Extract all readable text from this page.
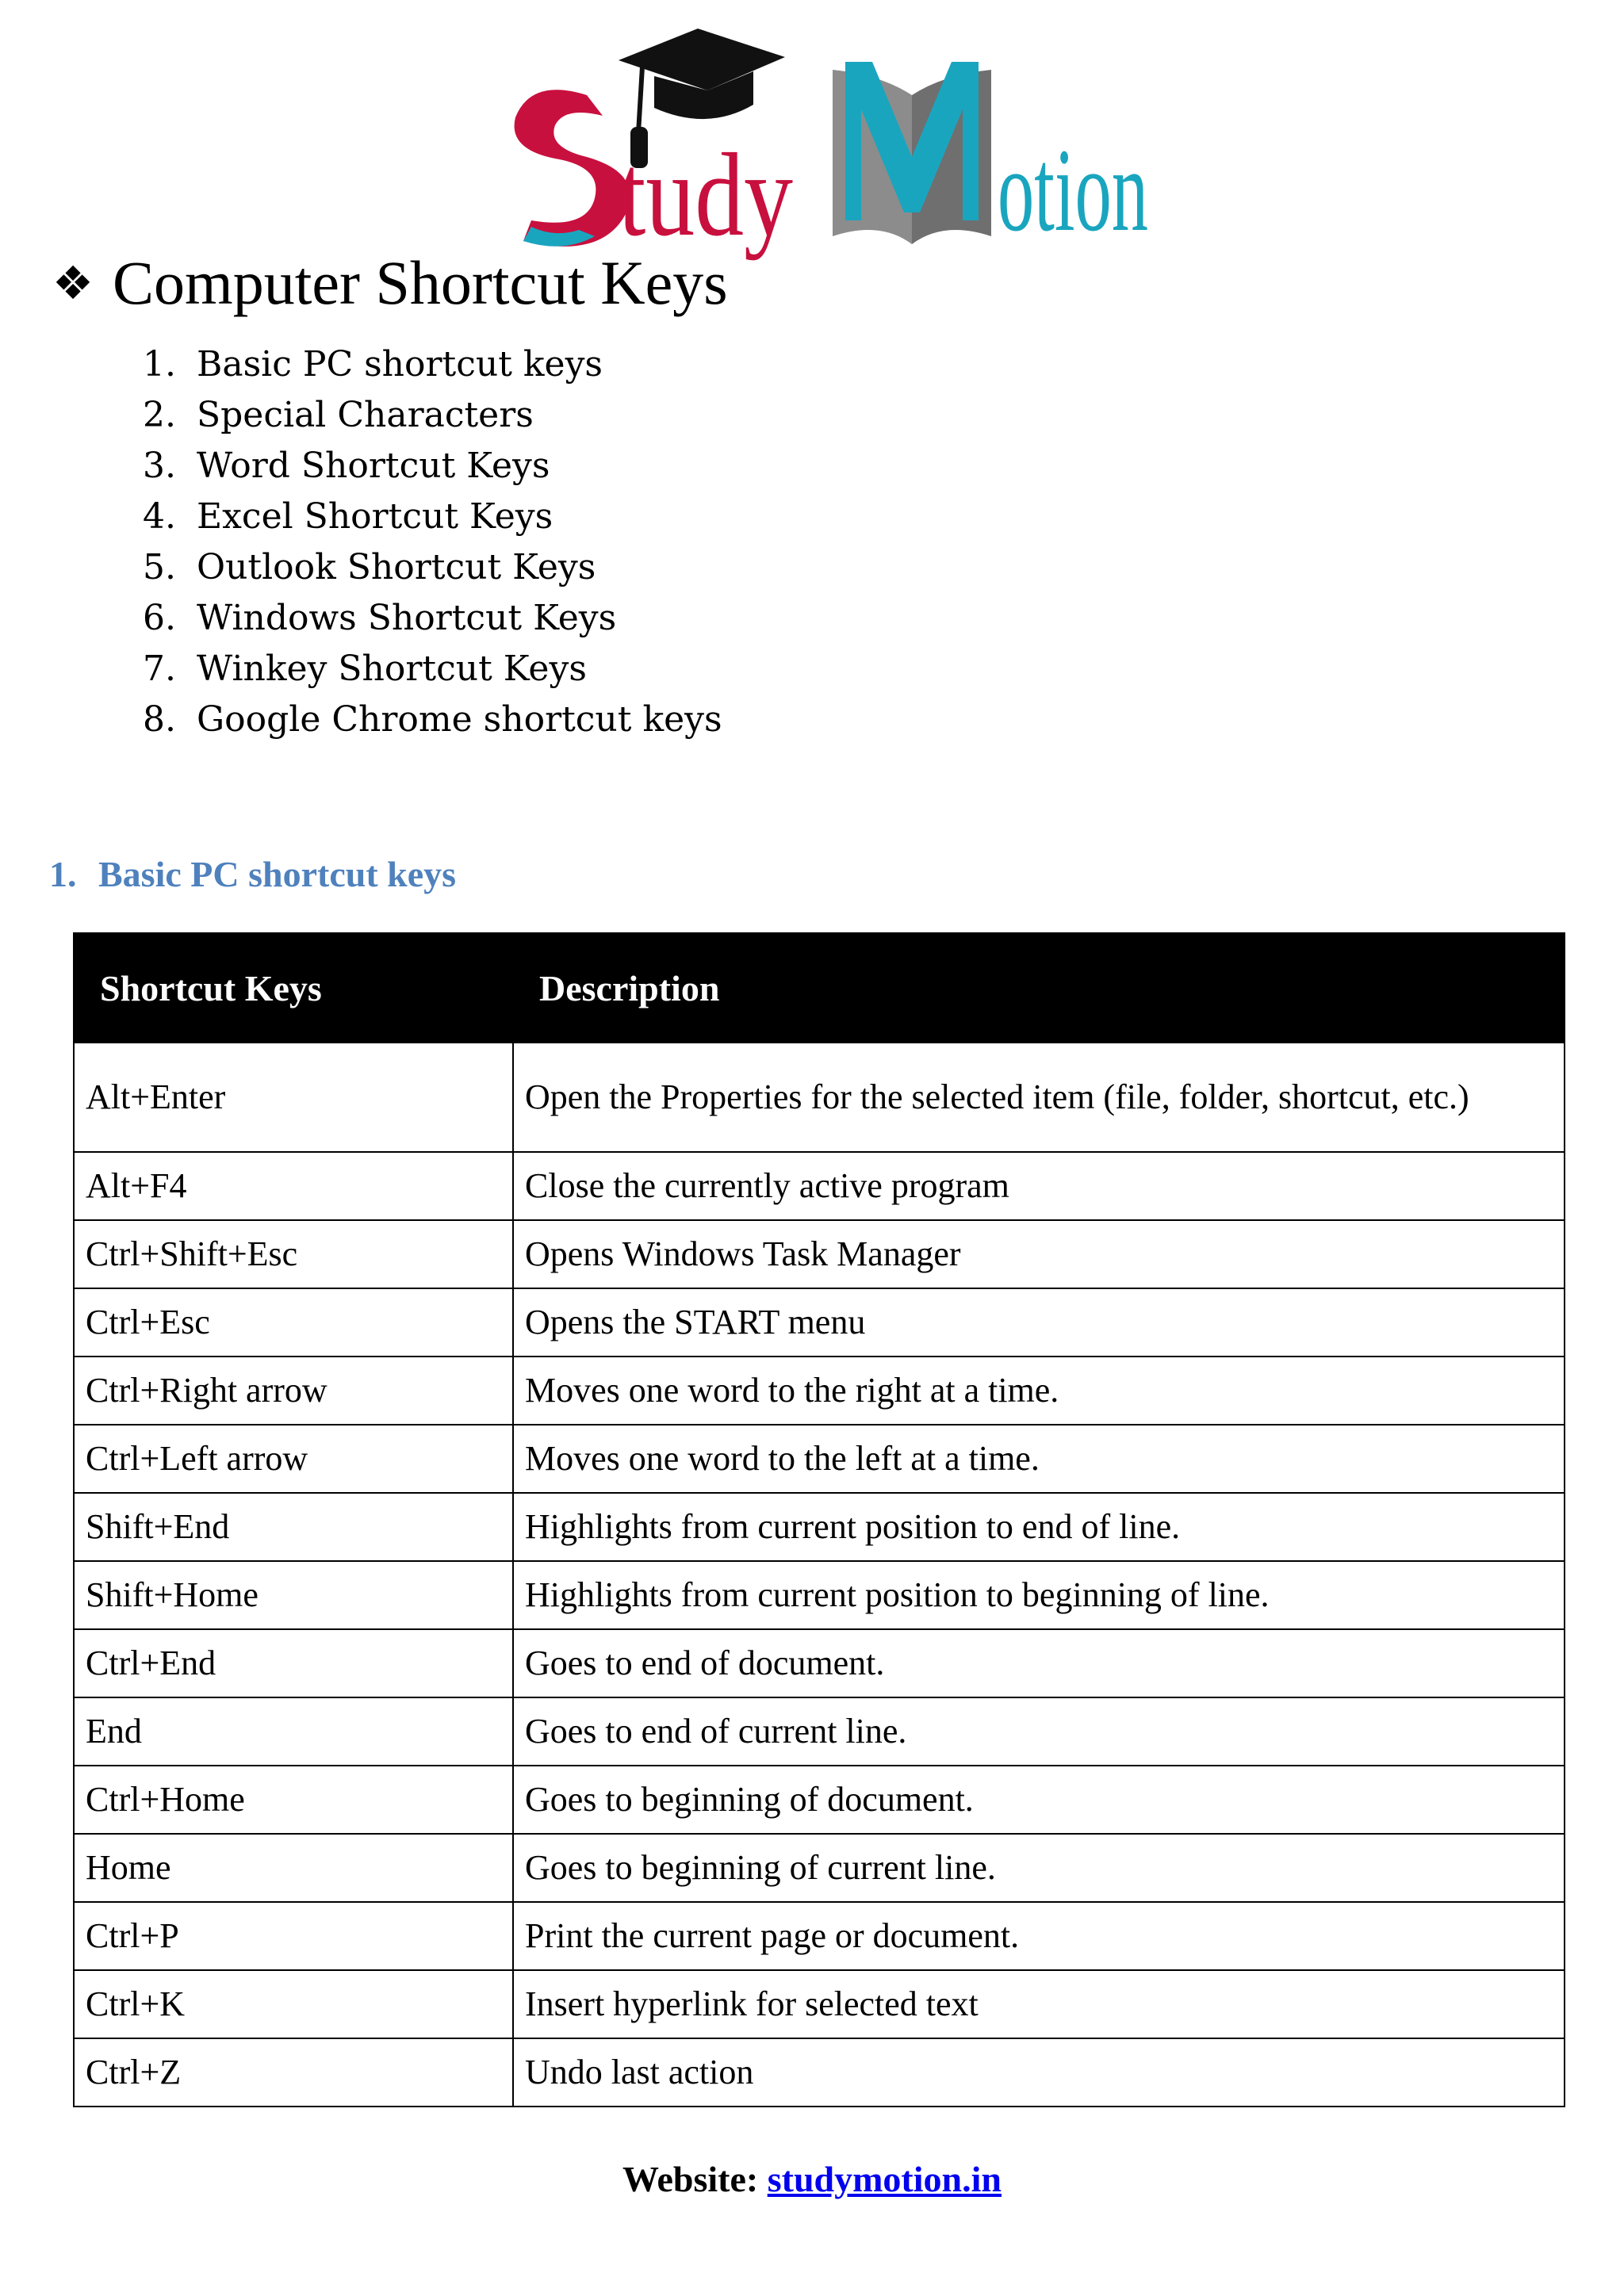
tudy otion
❖ Computer Shortcut Keys
1. Basic PC shortcut keys
2. Special Characters
3. Word Shortcut Keys
4. Excel Shortcut Keys
5. Outlook Shortcut Keys
6. Windows Shortcut Keys
7. Winkey Shortcut Keys
8. Google Chrome shortcut keys
1. Basic PC shortcut keys
Shortcut Keys	Description
Alt+Enter	Open the Properties for the selected item (file, folder, shortcut, etc.)
Alt+F4	Close the currently active program
Ctrl+Shift+Esc	Opens Windows Task Manager
Ctrl+Esc	Opens the START menu
Ctrl+Right arrow	Moves one word to the right at a time.
Ctrl+Left arrow	Moves one word to the left at a time.
Shift+End	Highlights from current position to end of line.
Shift+Home	Highlights from current position to beginning of line.
Ctrl+End	Goes to end of document.
End	Goes to end of current line.
Ctrl+Home	Goes to beginning of document.
Home	Goes to beginning of current line.
Ctrl+P	Print the current page or document.
Ctrl+K	Insert hyperlink for selected text
Ctrl+Z	Undo last action
Website: studymotion.in
